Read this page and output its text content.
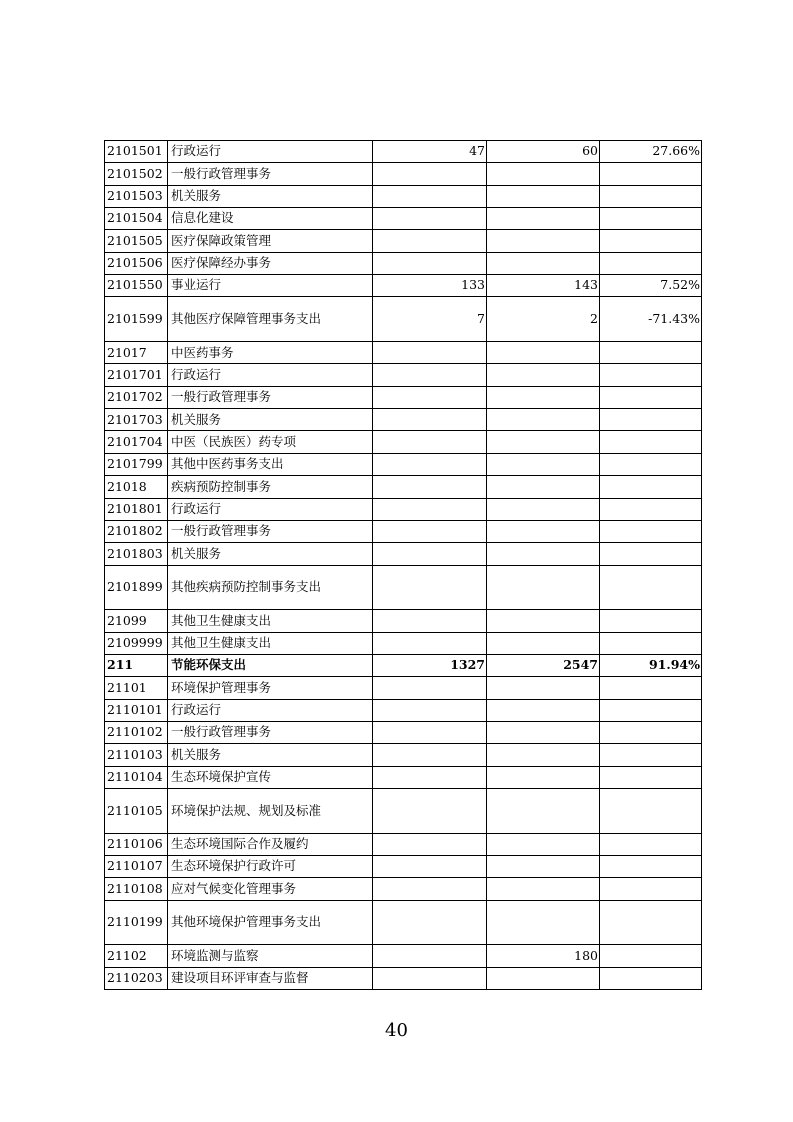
2101501	行政运行	47	60	27.66%
2101502	一般行政管理事务			
2101503	机关服务			
2101504	信息化建设			
2101505	医疗保障政策管理			
2101506	医疗保障经办事务			
2101550	事业运行	133	143	7.52%
2101599	其他医疗保障管理事务支出	7	2	-71.43%
21017	中医药事务			
2101701	行政运行			
2101702	一般行政管理事务			
2101703	机关服务			
2101704	中医（民族医）药专项			
2101799	其他中医药事务支出			
21018	疾病预防控制事务			
2101801	行政运行			
2101802	一般行政管理事务			
2101803	机关服务			
2101899	其他疾病预防控制事务支出			
21099	其他卫生健康支出			
2109999	其他卫生健康支出			
211	节能环保支出	1327	2547	91.94%
21101	环境保护管理事务			
2110101	行政运行			
2110102	一般行政管理事务			
2110103	机关服务			
2110104	生态环境保护宣传			
2110105	环境保护法规、规划及标准			
2110106	生态环境国际合作及履约			
2110107	生态环境保护行政许可			
2110108	应对气候变化管理事务			
2110199	其他环境保护管理事务支出			
21102	环境监测与监察		180	
2110203	建设项目环评审查与监督			
40
